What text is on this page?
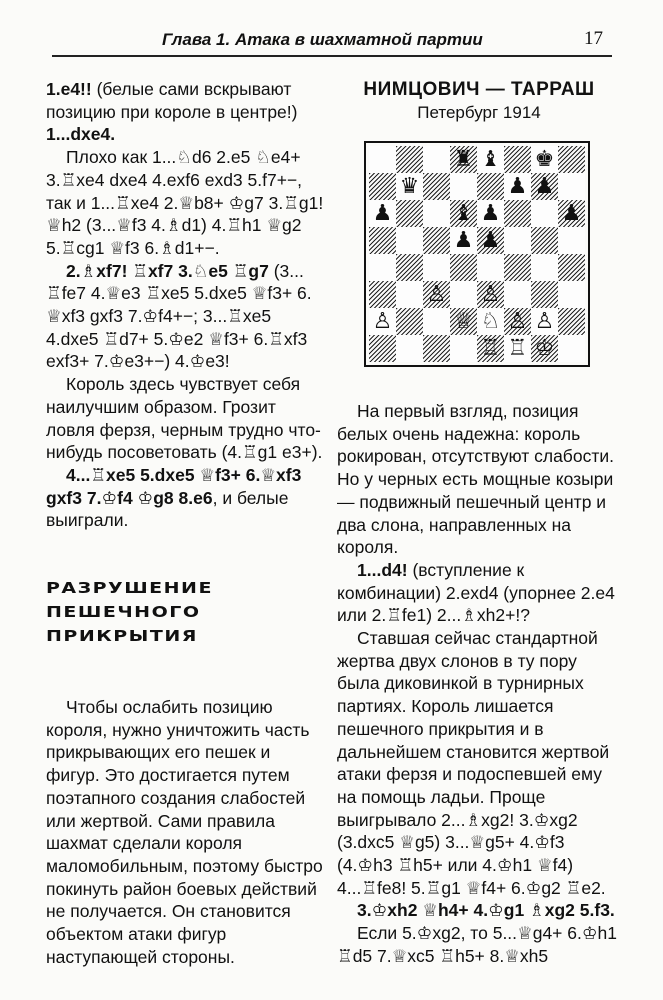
Глава 1. Атака в шахматной партии	17

1.e4!! (белые сами вскрывают позицию при короле в центре!)

1...dxe4.

Плохо как 1...♘d6 2.e5 ♘e4+ 3.♖xe4 dxe4 4.exf6 exd3 5.f7+−, так и 1...♖xe4 2.♕b8+ ♔g7 3.♖g1! ♕h2 (3...♕f3 4.♗d1) 4.♖h1 ♕g2 5.♖cg1 ♕f3 6.♗d1+−.

2.♗xf7! ♖xf7 3.♘e5 ♖g7 (3... ♖fe7 4.♕e3 ♖xe5 5.dxe5 ♕f3+ 6. ♕xf3 gxf3 7.♔f4+−; 3...♖xe5 4.dxe5 ♖d7+ 5.♔e2 ♕f3+ 6.♖xf3 exf3+ 7.♔e3+−) 4.♔e3!

Король здесь чувствует себя наилучшим образом. Грозит ловля ферзя, черным трудно что-нибудь посоветовать (4.♖g1 e3+).

4...♖xe5 5.dxe5 ♕f3+ 6.♕xf3 gxf3 7.♔f4 ♔g8 8.e6, и белые выиграли.

РАЗРУШЕНИЕ ПЕШЕЧНОГО
ПРИКРЫТИЯ

Чтобы ослабить позицию короля, нужно уничтожить часть прикрывающих его пешек и фигур. Это достигается путем поэтапного создания слабостей или жертвой. Сами правила шахмат сделали короля маломобильным, поэтому быстро покинуть район боевых действий не получается. Он становится объектом атаки фигур наступающей стороны.

НИМЦОВИЧ — ТАРРАШ
Петербург 1914
♜ ♝ ♚
♛	♟ ♟
♟	♝ ♟	♟
♟ ♟
♙ ♙
♙	♕ ♘ ♙ ♙
♖ ♖ ♔

На первый взгляд, позиция белых очень надежна: король рокирован, отсутствуют слабости. Но у черных есть мощные козыри — подвижный пешечный центр и два слона, направленных на короля.

1...d4! (вступление к комбинации) 2.exd4 (упорнее 2.e4 или 2.♖fe1) 2...♗xh2+!?

Ставшая сейчас стандартной жертва двух слонов в ту пору была диковинкой в турнирных партиях. Король лишается пешечного прикрытия и в дальнейшем становится жертвой атаки ферзя и подоспевшей ему на помощь ладьи. Проще выигрывало 2...♗xg2! 3.♔xg2 (3.dxc5 ♕g5) 3...♕g5+ 4.♔f3 (4.♔h3 ♖h5+ или 4.♔h1 ♕f4) 4...♖fe8! 5.♖g1 ♕f4+ 6.♔g2 ♖e2.

3.♔xh2 ♕h4+ 4.♔g1 ♗xg2 5.f3.

Если 5.♔xg2, то 5...♕g4+ 6.♔h1 ♖d5 7.♕xc5 ♖h5+ 8.♕xh5
